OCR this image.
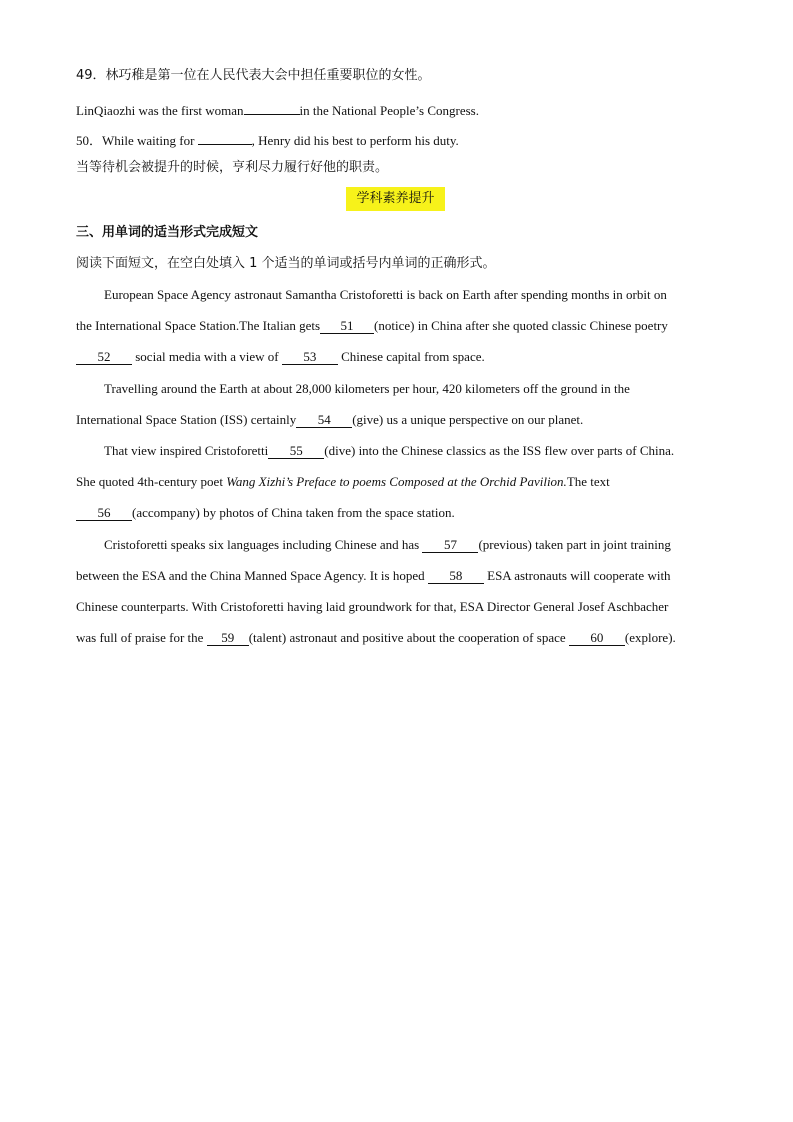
49．林巧稚是第一位在人民代表大会中担任重要职位的女性。
LinQiaozhi was the first woman	in the National People’s Congress.
50．While waiting for	, Henry did his best to perform his duty.
当等待机会被提升的时候，亨利尽力履行好他的职责。
学科素养提升
三、用单词的适当形式完成短文
阅读下面短文，在空白处填入 1 个适当的单词或括号内单词的正确形式。
European Space Agency astronaut Samantha Cristoforetti is back on Earth after spending months in orbit on
the International Space Station.The Italian gets 51 (notice) in China after she quoted classic Chinese poetry
52 social media with a view of 53 Chinese capital from space.
Travelling around the Earth at about 28,000 kilometers per hour, 420 kilometers off the ground in the
International Space Station (ISS) certainly 54 (give) us a unique perspective on our planet.
That view inspired Cristoforetti 55 (dive) into the Chinese classics as the ISS flew over parts of China.
She quoted 4th-century poet Wang Xizhi’s Preface to poems Composed at the Orchid Pavilion.The text
56 (accompany) by photos of China taken from the space station.
Cristoforetti speaks six languages including Chinese and has 57 (previous) taken part in joint training
between the ESA and the China Manned Space Agency. It is hoped 58 ESA astronauts will cooperate with
Chinese counterparts. With Cristoforetti having laid groundwork for that, ESA Director General Josef Aschbacher
was full of praise for the 59 (talent) astronaut and positive about the cooperation of space 60 (explore).
